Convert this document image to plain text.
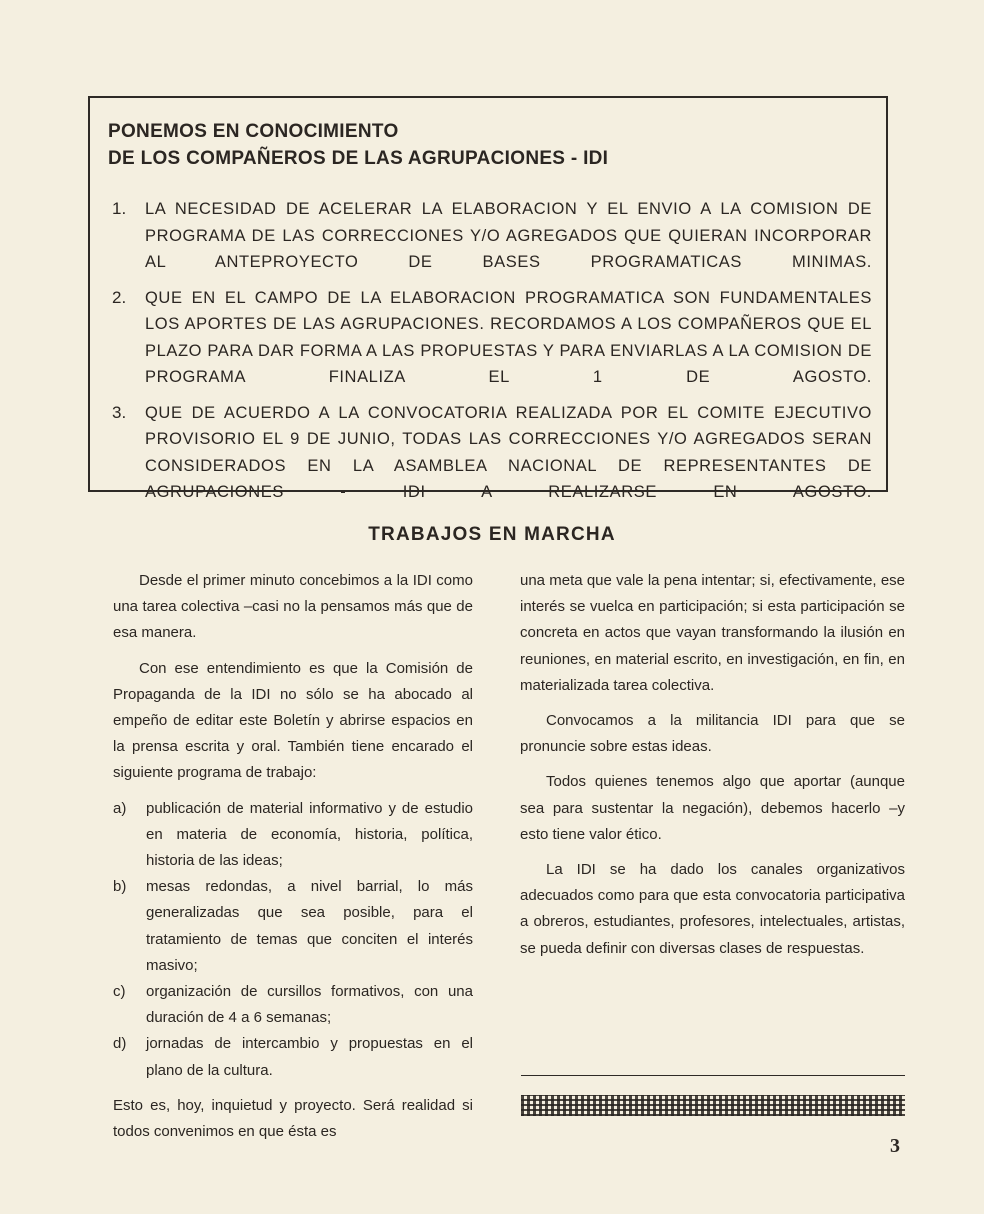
PONEMOS EN CONOCIMIENTO
DE LOS COMPAÑEROS DE LAS AGRUPACIONES - IDI
1. LA NECESIDAD DE ACELERAR LA ELABORACION Y EL ENVIO A LA COMISION DE PROGRAMA DE LAS CORRECCIONES Y/O AGREGADOS QUE QUIERAN INCORPORAR AL ANTEPROYECTO DE BASES PROGRAMATICAS MINIMAS.
2. QUE EN EL CAMPO DE LA ELABORACION PROGRAMATICA SON FUNDAMENTALES LOS APORTES DE LAS AGRUPACIONES. RECORDAMOS A LOS COMPAÑEROS QUE EL PLAZO PARA DAR FORMA A LAS PROPUESTAS Y PARA ENVIARLAS A LA COMISION DE PROGRAMA FINALIZA EL 1 DE AGOSTO.
3. QUE DE ACUERDO A LA CONVOCATORIA REALIZADA POR EL COMITE EJECUTIVO PROVISORIO EL 9 DE JUNIO, TODAS LAS CORRECCIONES Y/O AGREGADOS SERAN CONSIDERADOS EN LA ASAMBLEA NACIONAL DE REPRESENTANTES DE AGRUPACIONES - IDI A REALIZARSE EN AGOSTO.
TRABAJOS EN MARCHA

Desde el primer minuto concebimos a la IDI como una tarea colectiva –casi no la pensamos más que de esa manera.

Con ese entendimiento es que la Comisión de Propaganda de la IDI no sólo se ha abocado al empeño de editar este Boletín y abrirse espacios en la prensa escrita y oral. También tiene encarado el siguiente programa de trabajo:

a) publicación de material informativo y de estudio en materia de economía, historia, política, historia de las ideas;
b) mesas redondas, a nivel barrial, lo más generalizadas que sea posible, para el tratamiento de temas que conciten el interés masivo;
c) organización de cursillos formativos, con una duración de 4 a 6 semanas;
d) jornadas de intercambio y propuestas en el plano de la cultura.

Esto es, hoy, inquietud y proyecto. Será realidad si todos convenimos en que ésta es

una meta que vale la pena intentar; si, efectivamente, ese interés se vuelca en participación; si esta participación se concreta en actos que vayan transformando la ilusión en reuniones, en material escrito, en investigación, en fin, en materializada tarea colectiva.

Convocamos a la militancia IDI para que se pronuncie sobre estas ideas.

Todos quienes tenemos algo que aportar (aunque sea para sustentar la negación), debemos hacerlo –y esto tiene valor ético.

La IDI se ha dado los canales organizativos adecuados como para que esta convocatoria participativa a obreros, estudiantes, profesores, intelectuales, artistas, se pueda definir con diversas clases de respuestas.

3
